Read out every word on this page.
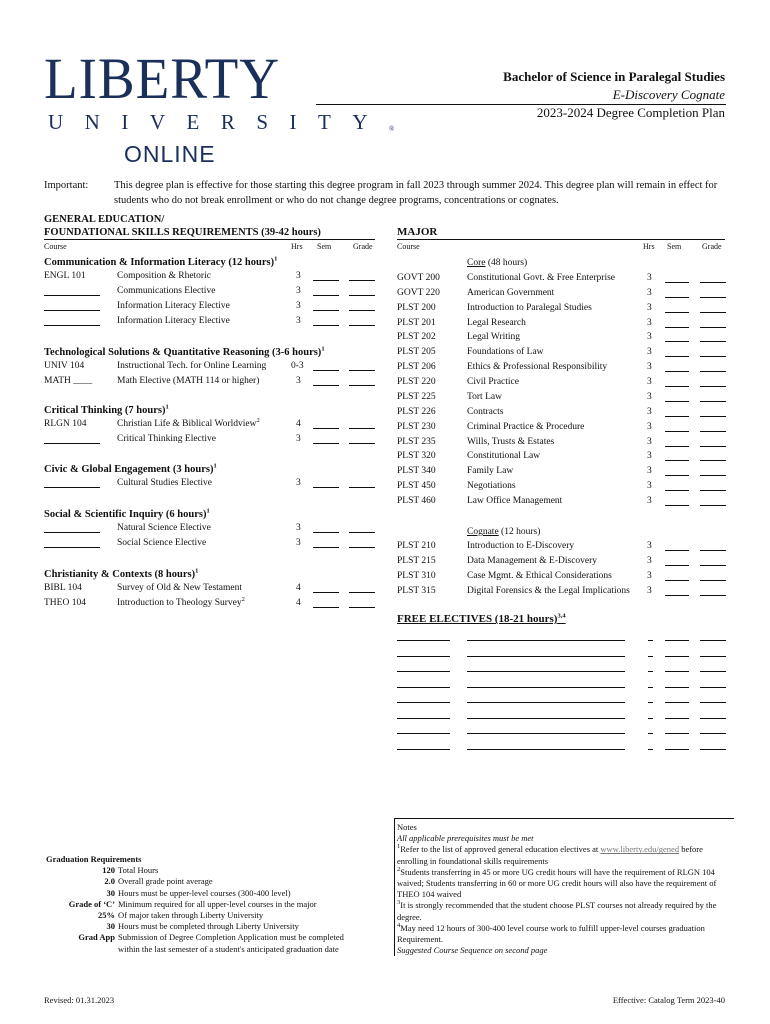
LIBERTY
UNIVERSITY®
ONLINE
Bachelor of Science in Paralegal Studies
E-Discovery Cognate
2023-2024 Degree Completion Plan
Important: This degree plan is effective for those starting this degree program in fall 2023 through summer 2024. This degree plan will remain in effect for students who do not break enrollment or who do not change degree programs, concentrations or cognates.
GENERAL EDUCATION/
FOUNDATIONAL SKILLS REQUIREMENTS (39-42 hours)
Course	Hrs Sem	Grade
Communication & Information Literacy (12 hours)$^1$
ENGL 101	Composition & Rhetoric	3
Communications Elective	3
Information Literacy Elective	3
Information Literacy Elective	3
Technological Solutions & Quantitative Reasoning (3-6 hours)$^1$
UNIV 104	Instructional Tech. for Online Learning	0-3
MATH ____	Math Elective (MATH 114 or higher)	3
Critical Thinking (7 hours)$^1$
RLGN 104	Christian Life & Biblical Worldview$^2$	4
Critical Thinking Elective	3
Civic & Global Engagement (3 hours)$^1$
Cultural Studies Elective	3
Social & Scientific Inquiry (6 hours)$^1$
Natural Science Elective	3
Social Science Elective	3
Christianity & Contexts (8 hours)$^1$
BIBL 104	Survey of Old & New Testament	4
THEO 104	Introduction to Theology Survey$^2$	4
MAJOR
Course	Hrs Sem	Grade
Core (48 hours)
GOVT 200	Constitutional Govt. & Free Enterprise	3
GOVT 220	American Government	3
PLST 200	Introduction to Paralegal Studies	3
PLST 201	Legal Research	3
PLST 202	Legal Writing	3
PLST 205	Foundations of Law	3
PLST 206	Ethics & Professional Responsibility	3
PLST 220	Civil Practice	3
PLST 225	Tort Law	3
PLST 226	Contracts	3
PLST 230	Criminal Practice & Procedure	3
PLST 235	Wills, Trusts & Estates	3
PLST 320	Constitutional Law	3
PLST 340	Family Law	3
PLST 450	Negotiations	3
PLST 460	Law Office Management	3
Cognate (12 hours)
PLST 210	Introduction to E-Discovery	3
PLST 215	Data Management & E-Discovery	3
PLST 310	Case Mgmt. & Ethical Considerations	3
PLST 315	Digital Forensics & the Legal Implications 3
FREE ELECTIVES (18-21 hours)$^{3,4}$
Graduation Requirements
120 Total Hours
2.0 Overall grade point average
30 Hours must be upper-level courses (300-400 level)
Grade of ‘C’ Minimum required for all upper-level courses in the major
25% Of major taken through Liberty University
30 Hours must be completed through Liberty University
Grad App Submission of Degree Completion Application must be completed
within the last semester of a student's anticipated graduation date
Notes
All applicable prerequisites must be met
$^1$Refer to the list of approved general education electives at www.liberty.edu/gened before enrolling in foundational skills requirements
$^2$Students transferring in 45 or more UG credit hours will have the requirement of RLGN 104 waived; Students transferring in 60 or more UG credit hours will also have the requirement of THEO 104 waived
$^3$It is strongly recommended that the student choose PLST courses not already required by the degree.
$^4$May need 12 hours of 300-400 level course work to fulfill upper-level courses graduation Requirement.
Suggested Course Sequence on second page
Revised: 01.31.2023	Effective: Catalog Term 2023-40
